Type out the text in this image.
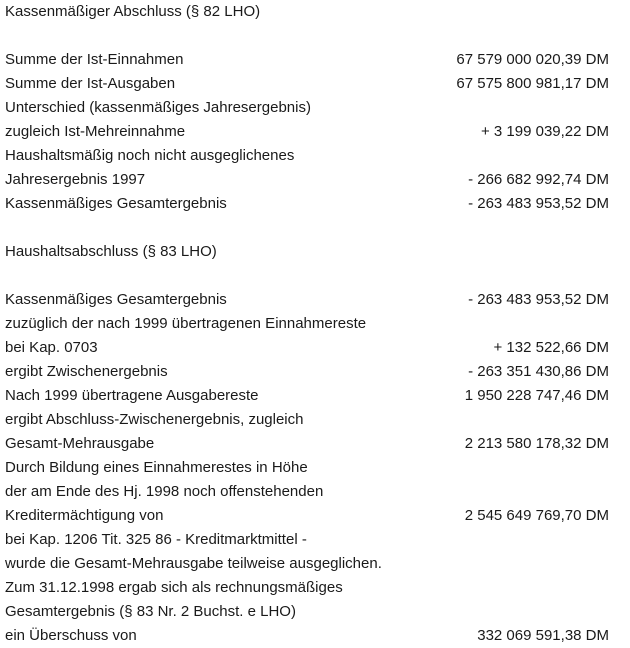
Kassenmäßiger Abschluss (§ 82 LHO)
Summe der Ist-Einnahmen	67 579 000 020,39 DM
Summe der Ist-Ausgaben	67 575 800 981,17 DM
Unterschied (kassenmäßiges Jahresergebnis)
zugleich Ist-Mehreinnahme	+ 3 199 039,22 DM
Haushaltsmäßig noch nicht ausgeglichenes
Jahresergebnis 1997	- 266 682 992,74 DM
Kassenmäßiges Gesamtergebnis	- 263 483 953,52 DM
Haushaltsabschluss (§ 83 LHO)
Kassenmäßiges Gesamtergebnis	- 263 483 953,52 DM
zuzüglich der nach 1999 übertragenen Einnahmereste
bei Kap. 0703	+ 132 522,66 DM
ergibt Zwischenergebnis	- 263 351 430,86 DM
Nach 1999 übertragene Ausgabereste	1 950 228 747,46 DM
ergibt Abschluss-Zwischenergebnis, zugleich
Gesamt-Mehrausgabe	2 213 580 178,32 DM
Durch Bildung eines Einnahmerestes in Höhe
der am Ende des Hj. 1998 noch offenstehenden
Kreditermächtigung von	2 545 649 769,70 DM
bei Kap. 1206 Tit. 325 86 - Kreditmarktmittel -
wurde die Gesamt-Mehrausgabe teilweise ausgeglichen.
Zum 31.12.1998 ergab sich als rechnungsmäßiges
Gesamtergebnis (§ 83 Nr. 2 Buchst. e LHO)
ein Überschuss von	332 069 591,38 DM
